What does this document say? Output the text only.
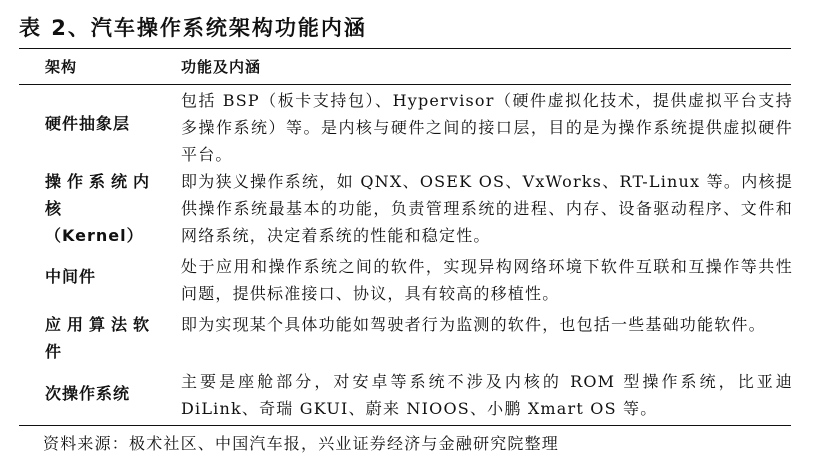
表 2、汽车操作系统架构功能内涵
架构	功能及内涵
硬件抽象层
包括 BSP（板卡支持包）、Hypervisor（硬件虚拟化技术，提供虚拟平台支持多操作系统）等。是内核与硬件之间的接口层，目的是为操作系统提供虚拟硬件平台。
操作系统内
核
（Kernel）
即为狭义操作系统，如 QNX、OSEK OS、VxWorks、RT-Linux 等。内核提供操作系统最基本的功能，负责管理系统的进程、内存、设备驱动程序、文件和网络系统，决定着系统的性能和稳定性。
中间件
处于应用和操作系统之间的软件，实现异构网络环境下软件互联和互操作等共性问题，提供标准接口、协议，具有较高的移植性。
应用算法软
件
即为实现某个具体功能如驾驶者行为监测的软件，也包括一些基础功能软件。
次操作系统
主要是座舱部分，对安卓等系统不涉及内核的 ROM 型操作系统，比亚迪 DiLink、奇瑞 GKUI、蔚来 NIOOS、小鹏 Xmart OS 等。
资料来源：极术社区、中国汽车报，兴业证券经济与金融研究院整理
